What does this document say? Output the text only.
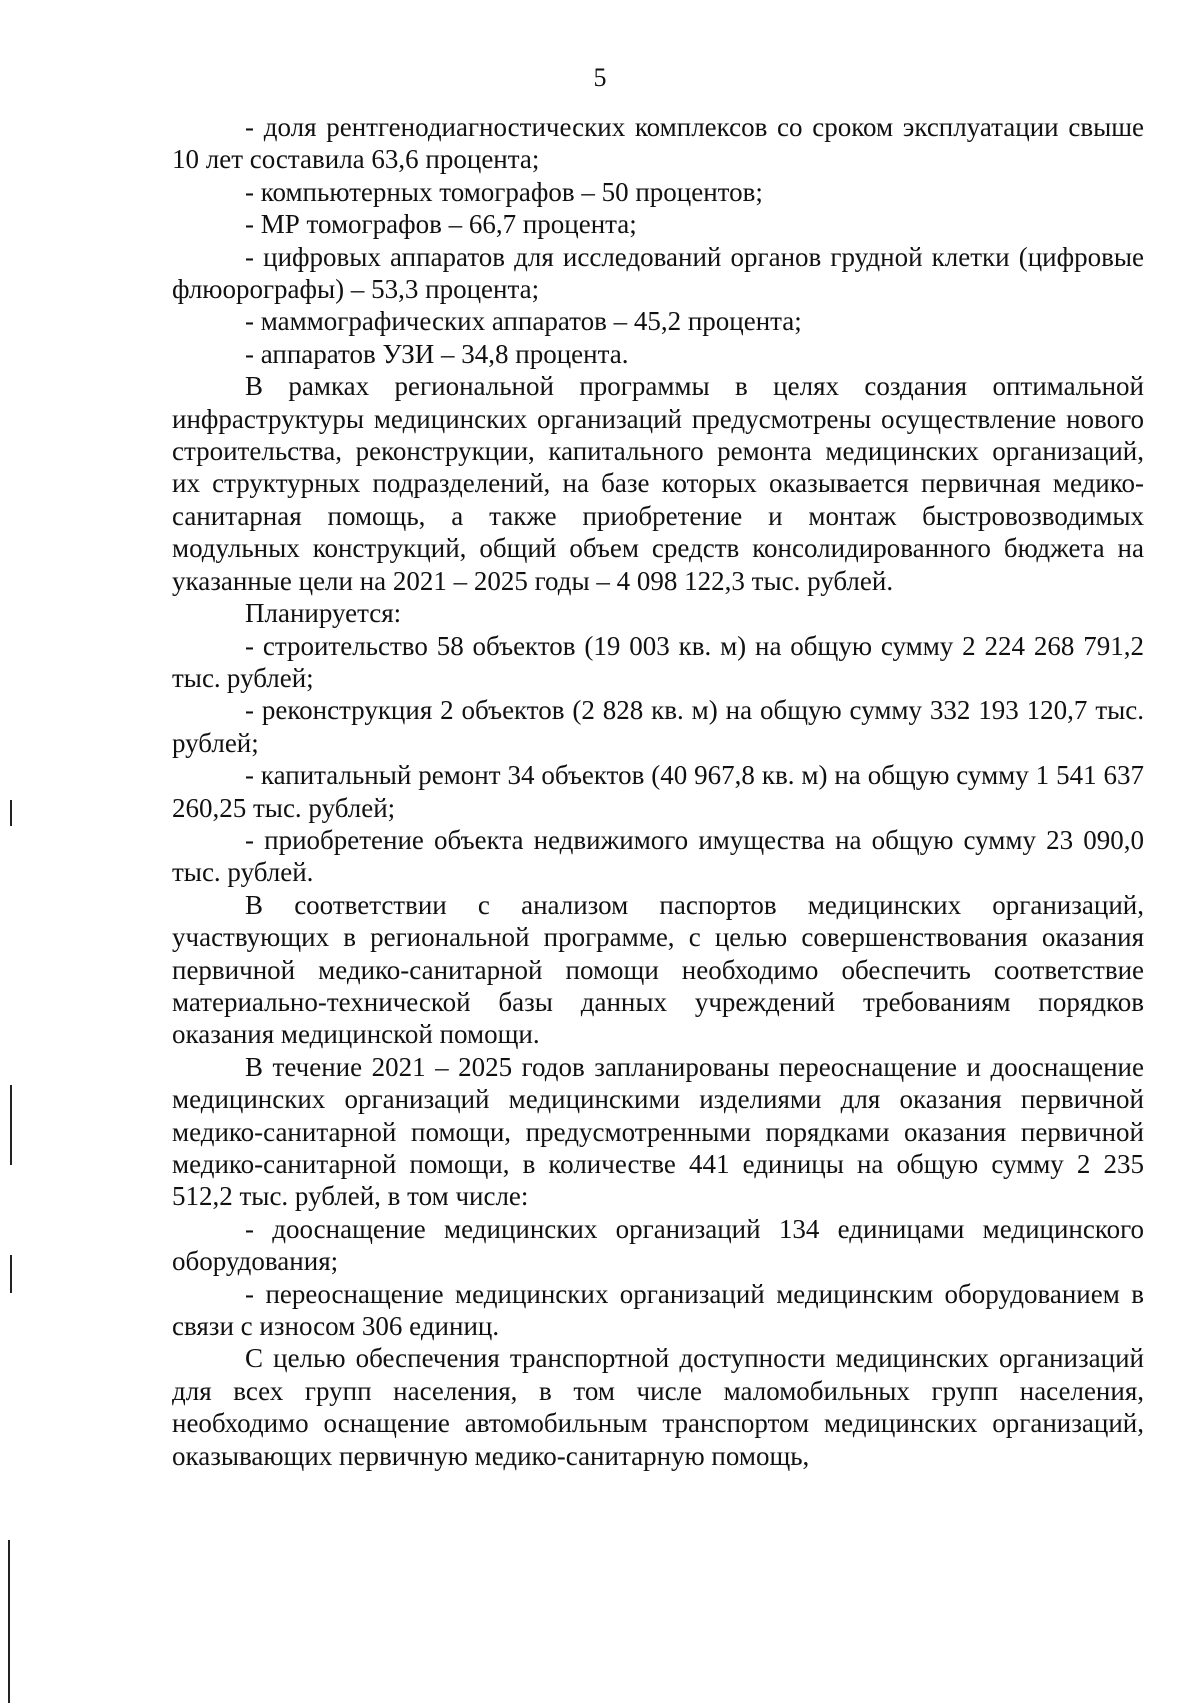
5

- доля рентгенодиагностических комплексов со сроком эксплуатации свыше 10 лет составила 63,6 процента;

- компьютерных томографов – 50 процентов;

- МР томографов – 66,7 процента;

- цифровых аппаратов для исследований органов грудной клетки (цифровые флюорографы) – 53,3 процента;

- маммографических аппаратов – 45,2 процента;

- аппаратов УЗИ – 34,8 процента.

В рамках региональной программы в целях создания оптимальной инфраструктуры медицинских организаций предусмотрены осуществление нового строительства, реконструкции, капитального ремонта медицинских организаций, их структурных подразделений, на базе которых оказывается первичная медико-санитарная помощь, а также приобретение и монтаж быстровозводимых модульных конструкций, общий объем средств консолидированного бюджета на указанные цели на 2021 – 2025 годы – 4 098 122,3 тыс. рублей.

Планируется:

- строительство 58 объектов (19 003 кв. м) на общую сумму 2 224 268 791,2 тыс. рублей;

- реконструкция 2 объектов (2 828 кв. м) на общую сумму 332 193 120,7 тыс. рублей;

- капитальный ремонт 34 объектов (40 967,8 кв. м) на общую сумму 1 541 637 260,25 тыс. рублей;

- приобретение объекта недвижимого имущества на общую сумму 23 090,0 тыс. рублей.

В соответствии с анализом паспортов медицинских организаций, участвующих в региональной программе, с целью совершенствования оказания первичной медико-санитарной помощи необходимо обеспечить соответствие материально-технической базы данных учреждений требованиям порядков оказания медицинской помощи.

В течение 2021 – 2025 годов запланированы переоснащение и дооснащение медицинских организаций медицинскими изделиями для оказания первичной медико-санитарной помощи, предусмотренными порядками оказания первичной медико-санитарной помощи, в количестве 441 единицы на общую сумму 2 235 512,2 тыс. рублей, в том числе:

- дооснащение медицинских организаций 134 единицами медицинского оборудования;

- переоснащение медицинских организаций медицинским оборудованием в связи с износом 306 единиц.

С целью обеспечения транспортной доступности медицинских организаций для всех групп населения, в том числе маломобильных групп населения, необходимо оснащение автомобильным транспортом медицинских организаций, оказывающих первичную медико-санитарную помощь,
